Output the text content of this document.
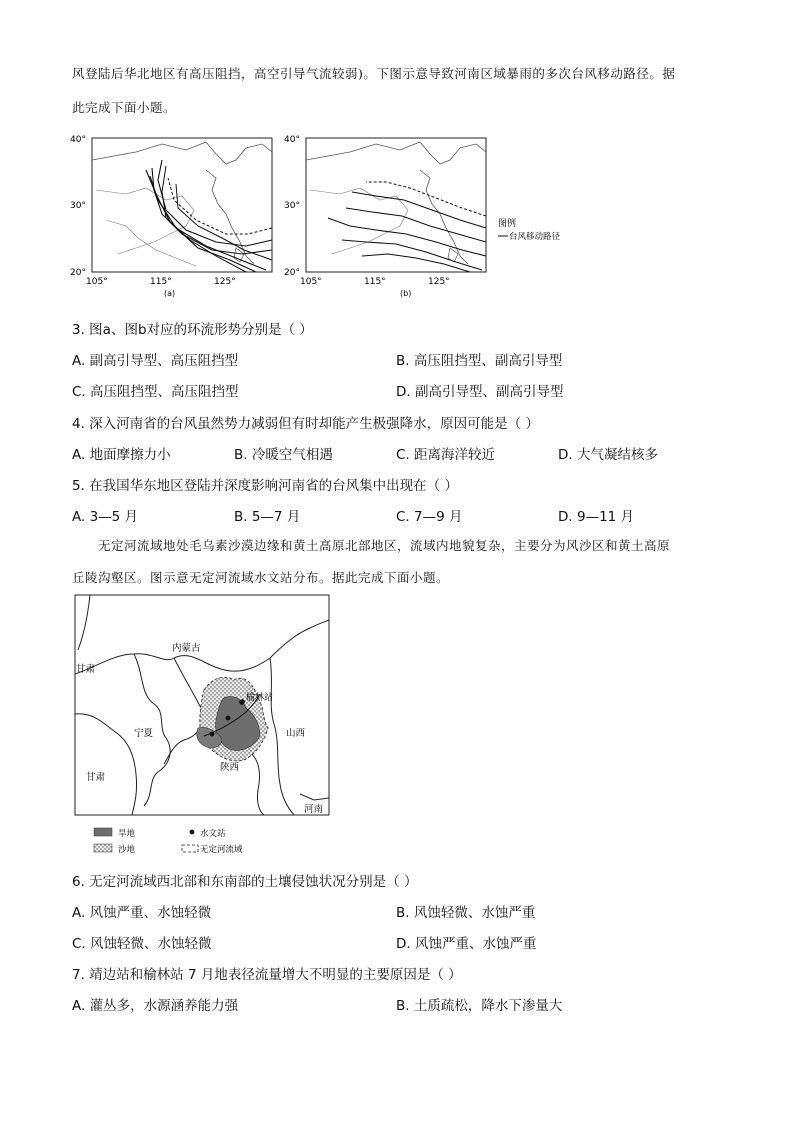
风登陆后华北地区有高压阻挡，高空引导气流较弱)。下图示意导致河南区域暴雨的多次台风移动路径。据
此完成下面小题。
40°
30°
20°
105°	115°	125°
(a)
40°
30°
20°
105°	115°	125°
(b)
图例
台风移动路径
3. 图a、图b对应的环流形势分别是（ ）
A. 副高引导型、高压阻挡型	B. 高压阻挡型、副高引导型
C. 高压阻挡型、高压阻挡型	D. 副高引导型、副高引导型
4. 深入河南省的台风虽然势力减弱但有时却能产生极强降水，原因可能是（ ）
A. 地面摩擦力小	B. 冷暖空气相遇	C. 距离海洋较近	D. 大气凝结核多
5. 在我国华东地区登陆并深度影响河南省的台风集中出现在（ ）
A. 3—5 月	B. 5—7 月	C. 7—9 月	D. 9—11 月
无定河流域地处毛乌素沙漠边缘和黄土高原北部地区，流域内地貌复杂，主要分为风沙区和黄土高原
丘陵沟壑区。图示意无定河流域水文站分布。据此完成下面小题。
榆林站
内蒙古
甘肃
宁夏
陕西
山西
甘肃
河南
旱地	水文站
沙地	无定河流域
6. 无定河流域西北部和东南部的土壤侵蚀状况分别是（ ）
A. 风蚀严重、水蚀轻微	B. 风蚀轻微、水蚀严重
C. 风蚀轻微、水蚀轻微	D. 风蚀严重、水蚀严重
7. 靖边站和榆林站 7 月地表径流量增大不明显的主要原因是（ ）
A. 灌丛多，水源涵养能力强	B. 土质疏松，降水下渗量大
